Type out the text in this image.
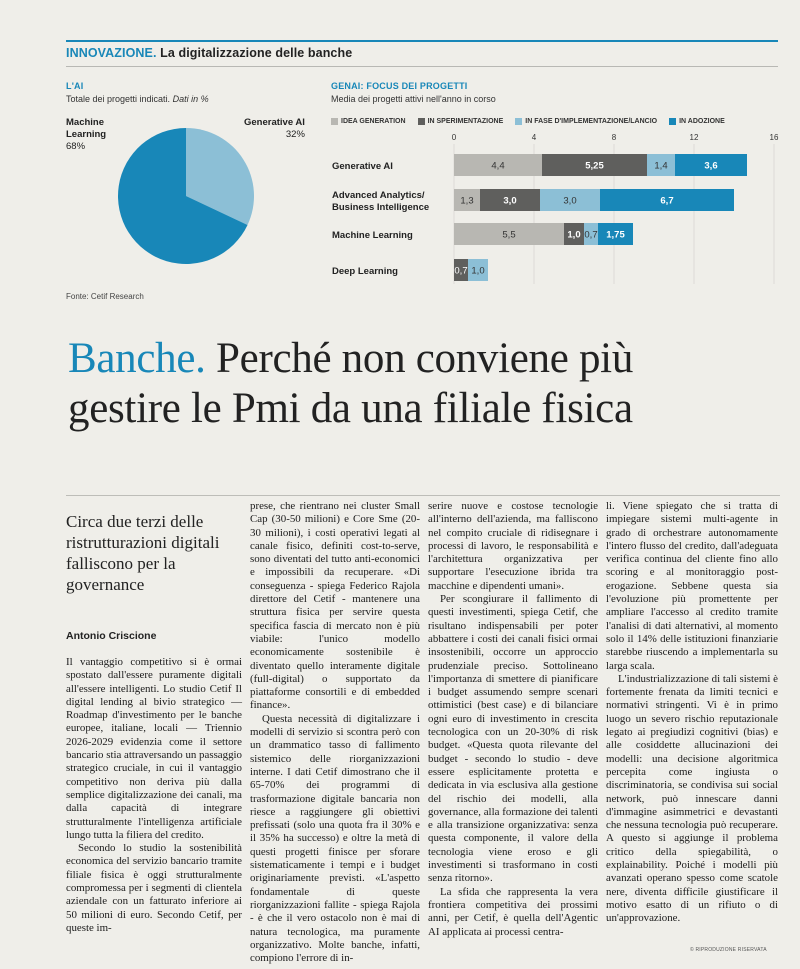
INNOVAZIONE. La digitalizzazione delle banche
L'AI
Totale dei progetti indicati. Dati in %
GENAI: FOCUS DEI PROGETTI
Media dei progetti attivi nell'anno in corso
Machine
Learning
68%
Generative AI
32%
IDEA GENERATION	IN SPERIMENTAZIONE	IN FASE D'IMPLEMENTAZIONE/LANCIO	IN ADOZIONE
0	4	8	12	16
Generative AI	4,4	5,25	1,4	3,6
Advanced Analytics/ Business Intelligence
1,3	3,0	3,0	6,7
Machine Learning	5,5	1,0 0,7 1,75
Deep Learning	0,7 1,0
Fonte: Cetif Research
Banche. Perché non conviene più
gestire le Pmi da una filiale fisica
Circa due terzi delle ristrutturazioni digitali falliscono per la governance
Antonio Criscione

Il vantaggio competitivo si è ormai spostato dall'essere puramente digitali all'essere intelligenti. Lo studio Cetif Il digital lending al bivio strategico — Roadmap d'investimento per le banche europee, italiane, locali — Triennio 2026-2029 evidenzia come il settore bancario stia attraversando un passaggio strategico cruciale, in cui il vantaggio competitivo non deriva più dalla semplice digitalizzazione dei canali, ma dalla capacità di integrare strutturalmente l'intelligenza artificiale lungo tutta la filiera del credito.

Secondo lo studio la sostenibilità economica del servizio bancario tramite filiale fisica è oggi strutturalmente compromessa per i segmenti di clientela aziendale con un fatturato inferiore ai 50 milioni di euro. Secondo Cetif, per queste im-

prese, che rientrano nei cluster Small Cap (30-50 milioni) e Core Sme (20-30 milioni), i costi operativi legati al canale fisico, definiti cost-to-serve, sono diventati del tutto anti-economici e impossibili da recuperare. «Di conseguenza - spiega Federico Rajola direttore del Cetif - mantenere una struttura fisica per servire questa specifica fascia di mercato non è più viabile: l'unico modello economicamente sostenibile è diventato quello interamente digitale (full-digital) o supportato da piattaforme consortili e di embedded finance».

Questa necessità di digitalizzare i modelli di servizio si scontra però con un drammatico tasso di fallimento sistemico delle riorganizzazioni interne. I dati Cetif dimostrano che il 65-70% dei programmi di trasformazione digitale bancaria non riesce a raggiungere gli obiettivi prefissati (solo una quota fra il 30% e il 35% ha successo) e oltre la metà di questi progetti finisce per sforare sistematicamente i tempi e i budget originariamente previsti. «L'aspetto fondamentale di queste riorganizzazioni fallite - spiega Rajola - è che il vero ostacolo non è mai di natura tecnologica, ma puramente organizzativo. Molte banche, infatti, compiono l'errore di in-

serire nuove e costose tecnologie all'interno dell'azienda, ma falliscono nel compito cruciale di ridisegnare i processi di lavoro, le responsabilità e l'architettura organizzativa per supportare l'esecuzione ibrida tra macchine e dipendenti umani».

Per scongiurare il fallimento di questi investimenti, spiega Cetif, che risultano indispensabili per poter abbattere i costi dei canali fisici ormai insostenibili, occorre un approccio prudenziale preciso. Sottolineano l'importanza di smettere di pianificare i budget assumendo sempre scenari ottimistici (best case) e di bilanciare ogni euro di investimento in crescita tecnologica con un 20-30% di risk budget. «Questa quota rilevante del budget - secondo lo studio - deve essere esplicitamente protetta e dedicata in via esclusiva alla gestione del rischio dei modelli, alla governance, alla formazione dei talenti e alla transizione organizzativa: senza questa componente, il valore della tecnologia viene eroso e gli investimenti si trasformano in costi senza ritorno».

La sfida che rappresenta la vera frontiera competitiva dei prossimi anni, per Cetif, è quella dell'Agentic AI applicata ai processi centra-

li. Viene spiegato che si tratta di impiegare sistemi multi-agente in grado di orchestrare autonomamente l'intero flusso del credito, dall'adeguata verifica continua del cliente fino allo scoring e al monitoraggio post-erogazione. Sebbene questa sia l'evoluzione più promettente per ampliare l'accesso al credito tramite l'analisi di dati alternativi, al momento solo il 14% delle istituzioni finanziarie starebbe riuscendo a implementarla su larga scala.

L'industrializzazione di tali sistemi è fortemente frenata da limiti tecnici e normativi stringenti. Vi è in primo luogo un severo rischio reputazionale legato ai pregiudizi cognitivi (bias) e alle cosiddette allucinazioni dei modelli: una decisione algoritmica percepita come ingiusta o discriminatoria, se condivisa sui social network, può innescare danni d'immagine asimmetrici e devastanti che nessuna tecnologia può recuperare. A questo si aggiunge il problema critico della spiegabilità, o explainability. Poiché i modelli più avanzati operano spesso come scatole nere, diventa difficile giustificare il motivo esatto di un rifiuto o di un'approvazione.

© RIPRODUZIONE RISERVATA
